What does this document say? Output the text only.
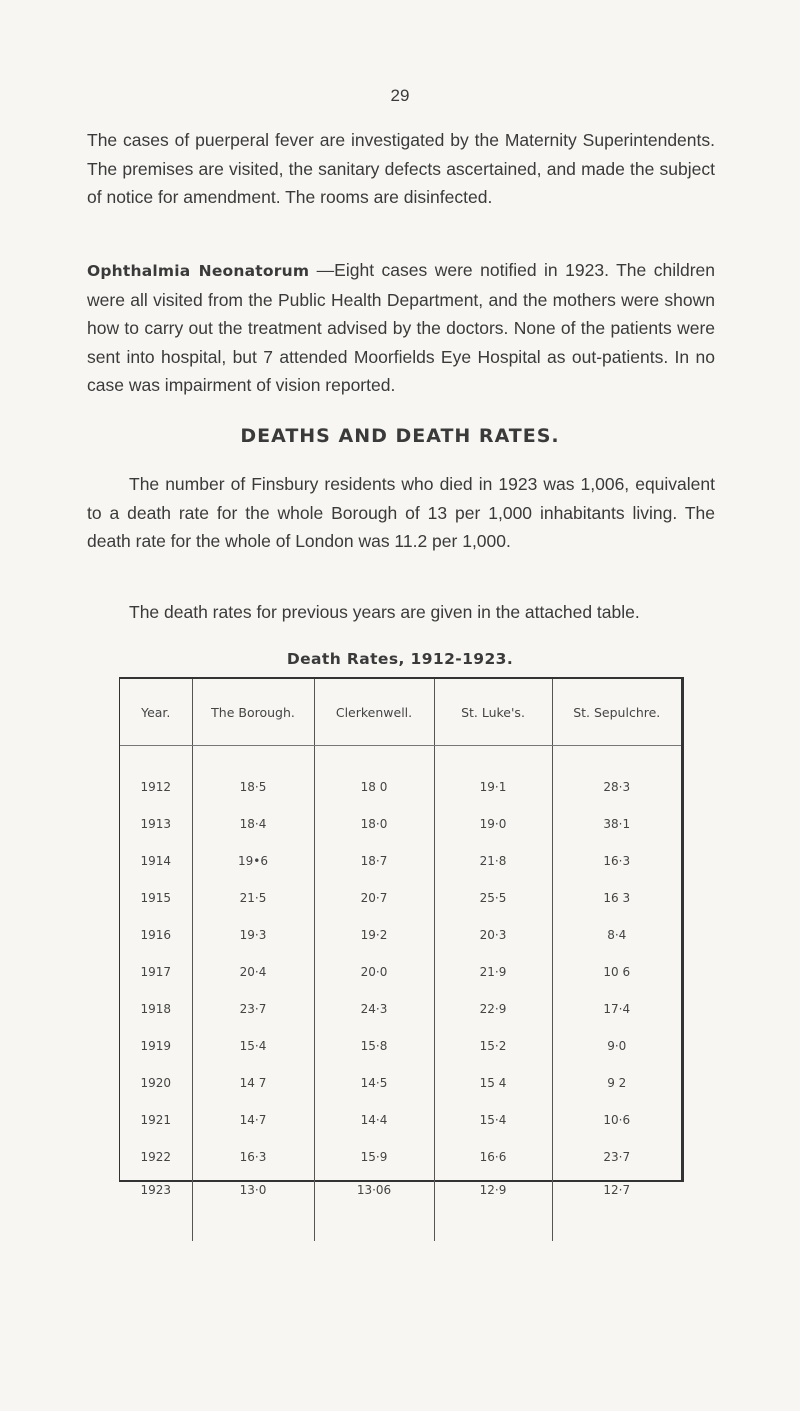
29

The cases of puerperal fever are investigated by the Maternity Superintendents. The premises are visited, the sanitary defects ascertained, and made the subject of notice for amendment. The rooms are disinfected.

Ophthalmia Neonatorum —Eight cases were notified in 1923. The children were all visited from the Public Health Department, and the mothers were shown how to carry out the treatment advised by the doctors. None of the patients were sent into hospital, but 7 attended Moorfields Eye Hospital as out-patients. In no case was impairment of vision reported.

DEATHS AND DEATH RATES.

The number of Finsbury residents who died in 1923 was 1,006, equivalent to a death rate for the whole Borough of 13 per 1,000 inhabitants living. The death rate for the whole of London was 11.2 per 1,000.

The death rates for previous years are given in the attached table.

Death Rates, 1912-1923.
Year.	The Borough.	Clerkenwell.	St. Luke's.	St. Sepulchre.
1912	18·5	18 0	19·1	28·3
1913	18·4	18·0	19·0	38·1
1914	19•6	18·7	21·8	16·3
1915	21·5	20·7	25·5	16 3
1916	19·3	19·2	20·3	8·4
1917	20·4	20·0	21·9	10 6
1918	23·7	24·3	22·9	17·4
1919	15·4	15·8	15·2	9·0
1920	14 7	14·5	15 4	9 2
1921	14·7	14·4	15·4	10·6
1922	16·3	15·9	16·6	23·7
1923	13·0	13·06	12·9	12·7
